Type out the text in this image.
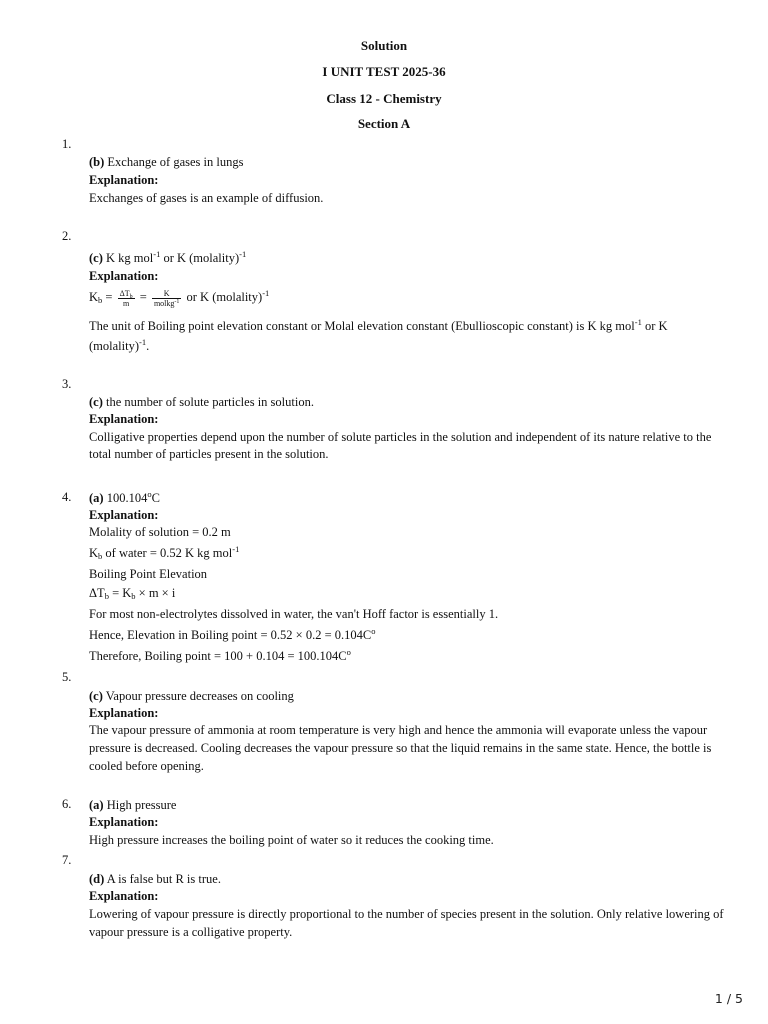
Solution
I UNIT TEST 2025-36
Class 12 - Chemistry
Section A
1.
(b) Exchange of gases in lungs
Explanation:
Exchanges of gases is an example of diffusion.
2.
(c) K kg mol$^{-1}$ or K (molality)$^{-1}$
Explanation:
$K_b = \frac{\Delta T_b}{m} = \frac{K}{molkg^{-1}}$ or K (molality)$^{-1}$
The unit of Boiling point elevation constant or Molal elevation constant (Ebullioscopic constant) is K kg mol$^{-1}$ or K
(molality)$^{-1}$.
3.
(c) the number of solute particles in solution.
Explanation:
Colligative properties depend upon the number of solute particles in the solution and independent of its nature relative to the
total number of particles present in the solution.
4. (a) 100.104$^o$C
Explanation:
Molality of solution = 0.2 m
$K_b$ of water = 0.52 K kg mol$^{-1}$
Boiling Point Elevation
$\Delta T_b = K_b \times m \times i$
For most non-electrolytes dissolved in water, the van't Hoff factor is essentially 1.
Hence, Elevation in Boiling point = $0.52 \times 0.2 = 0.104C^o$
Therefore, Boiling point = $100 + 0.104 = 100.104C^o$
5.
(c) Vapour pressure decreases on cooling
Explanation:
The vapour pressure of ammonia at room temperature is very high and hence the ammonia will evaporate unless the vapour
pressure is decreased. Cooling decreases the vapour pressure so that the liquid remains in the same state. Hence, the bottle is
cooled before opening.
6. (a) High pressure
Explanation:
High pressure increases the boiling point of water so it reduces the cooking time.
7.
(d) A is false but R is true.
Explanation:
Lowering of vapour pressure is directly proportional to the number of species present in the solution. Only relative lowering of
vapour pressure is a colligative property.
1 / 5
